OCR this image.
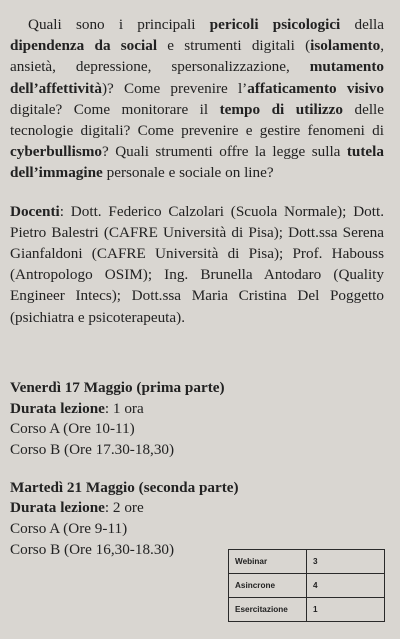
Quali sono i principali pericoli psicologici della dipendenza da social e strumenti digitali (isolamento, ansietà, depressione, spersonalizzazione, mutamento dell’affettività)? Come prevenire l’affaticamento visivo digitale? Come monitorare il tempo di utilizzo delle tecnologie digitali? Come prevenire e gestire fenomeni di cyberbullismo? Quali strumenti offre la legge sulla tutela dell’immagine personale e sociale on line?

Docenti: Dott. Federico Calzolari (Scuola Normale); Dott. Pietro Balestri (CAFRE Università di Pisa); Dott.ssa Serena Gianfaldoni (CAFRE Università di Pisa); Prof. Habouss (Antropologo OSIM); Ing. Brunella Antodaro (Quality Engineer Intecs); Dott.ssa Maria Cristina Del Poggetto (psichiatra e psicoterapeuta).

Venerdì 17 Maggio (prima parte)
Durata lezione: 1 ora
Corso A (Ore 10-11)
Corso B (Ore 17.30-18,30)
Martedì 21 Maggio (seconda parte)
Durata lezione: 2 ore
Corso A (Ore 9-11)
Corso B (Ore 16,30-18.30)
Webinar	3
Asincrone	4
Esercitazione	1
